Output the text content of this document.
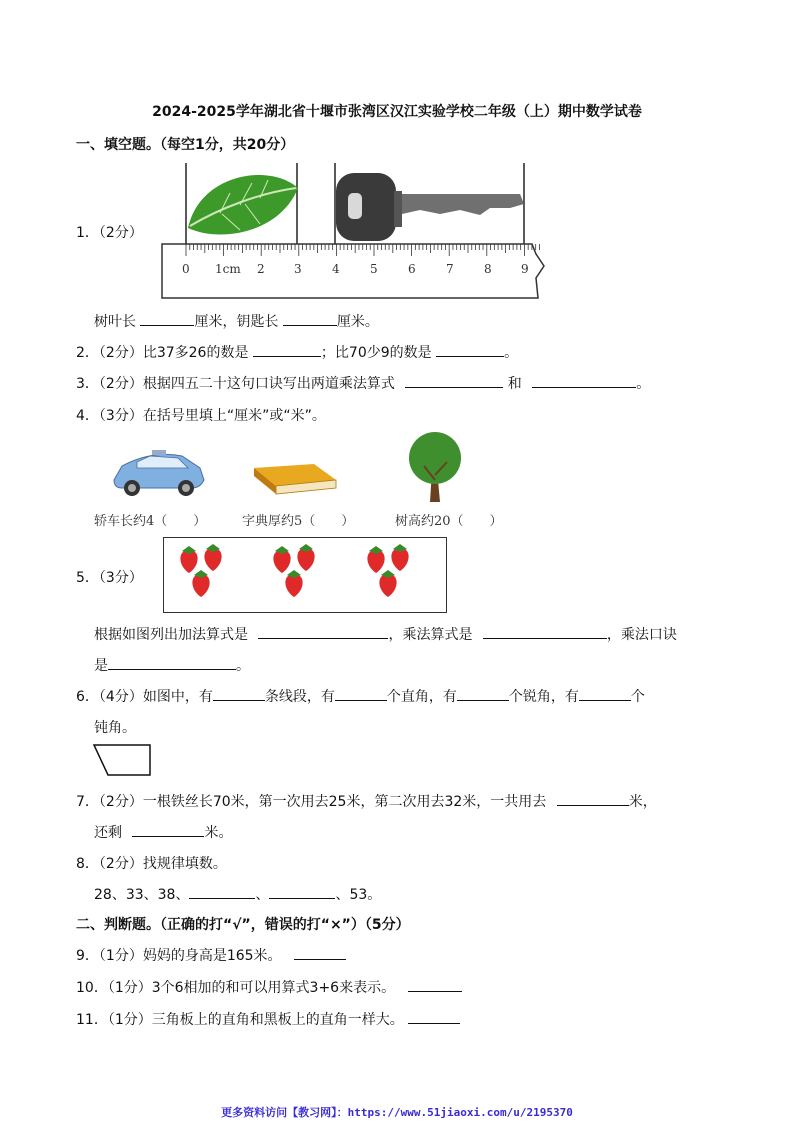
2024-2025学年湖北省十堰市张湾区汉江实验学校二年级（上）期中数学试卷
一、填空题。（每空1分，共20分）
1．（2分）
0 1cm 2 3	4	5	6	7	8 9
树叶长	厘米，钥匙长	厘米。
2．（2分）比37多26的数是	；比70少9的数是	。
3．（2分）根据四五二十这句口诀写出两道乘法算式	和	。
4．（3分）在括号里填上“厘米”或“米”。
轿车长约4（　　）	字典厚约5（　　）	树高约20（　　）
5．（3分）
根据如图列出加法算式是	，乘法算式是	，乘法口诀
是	。
6．（4分）如图中，有	条线段，有	个直角，有	个锐角，有	个
钝角。
7．（2分）一根铁丝长70米，第一次用去25米，第二次用去32米，一共用去	米，
还剩	米。
8．（2分）找规律填数。
28、33、38、	、	、53。
二、判断题。（正确的打“√”，错误的打“×”）（5分）
9．（1分）妈妈的身高是165米。
10．（1分）3个6相加的和可以用算式3+6来表示。
11．（1分）三角板上的直角和黑板上的直角一样大。
更多资料访问【教习网】：https://www.51jiaoxi.com/u/2195370
